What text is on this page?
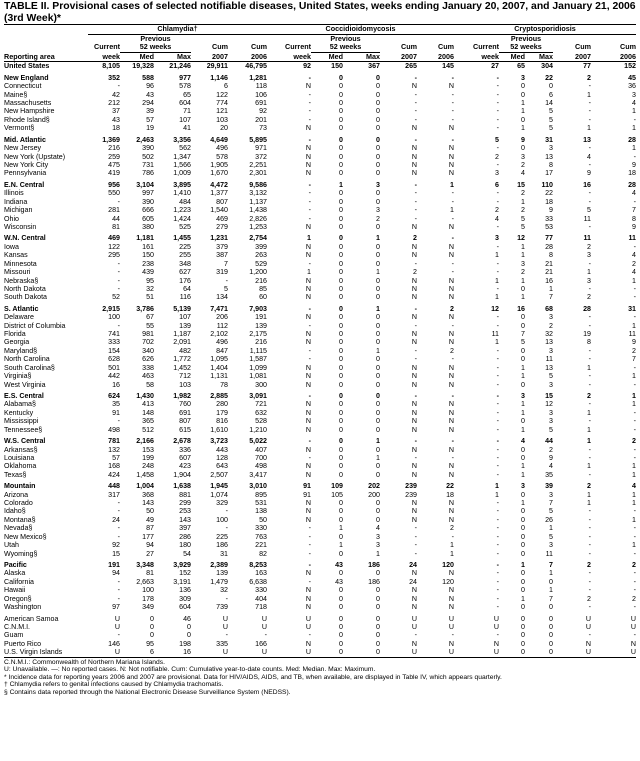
TABLE II. Provisional cases of selected notifiable diseases, United States, weeks ending January 20, 2007, and January 21, 2006
(3rd Week)*

	Chlamydia†					Coccidioidomycosis					Cryptosporidiosis				
		Previous					Previous					Previous			
	Current	52 weeks		Cum	Cum	Current	52 weeks		Cum	Cum	Current	52 weeks		Cum	Cum
Reporting area	week	Med	Max	2007	2006	week	Med	Max	2007	2006	week	Med	Max	2007	2006
United States	8,105	19,328	21,246	29,911	46,795	92	150	367	265	145	27	65	304	77	152

New England	352	588	977	1,146	1,281	-	0	0	-	-	-	3	22	2	45
Connecticut	-	96	578	6	118	N	0	0	N	N	-	0	0	-	36
Maine§	42	43	65	122	106	-	0	0	-	-	-	0	6	1	3
Massachusetts	212	294	604	774	691	-	0	0	-	-	-	1	14	-	4
New Hampshire	37	39	71	121	92	-	0	0	-	-	-	1	5	-	1
Rhode Island§	43	57	107	103	201	-	0	0	-	-	-	0	5	-	-
Vermont§	18	19	41	20	73	N	0	0	N	N	-	1	5	1	1

Mid. Atlantic	1,369	2,463	3,356	4,649	5,895	-	0	0	-	-	5	9	31	13	28
New Jersey	216	390	562	496	971	N	0	0	N	N	-	0	3	-	1
New York (Upstate)	259	502	1,347	578	372	N	0	0	N	N	2	3	13	4	-
New York City	475	731	1,566	1,905	2,251	N	0	0	N	N	-	2	8	-	9
Pennsylvania	419	786	1,009	1,670	2,301	N	0	0	N	N	3	4	17	9	18

E.N. Central	956	3,104	3,895	4,472	9,586	-	1	3	-	1	6	15	110	16	28
Illinois	550	997	1,410	1,377	3,132	-	0	0	-	-	-	2	22	-	4
Indiana	-	390	484	807	1,137	-	0	0	-	-	-	1	18	-	-
Michigan	281	666	1,223	1,540	1,438	-	0	3	-	1	2	2	9	5	7
Ohio	44	605	1,424	469	2,826	-	0	2	-	-	4	5	33	11	8
Wisconsin	81	380	525	279	1,253	N	0	0	N	N	-	5	53	-	9

W.N. Central	469	1,181	1,455	1,231	2,754	1	0	1	2	-	3	12	77	11	11
Iowa	122	161	225	379	399	N	0	0	N	N	-	1	28	2	-
Kansas	295	150	255	387	263	N	0	0	N	N	1	1	8	3	4
Minnesota	-	238	348	7	529	-	0	0	-	-	-	3	21	-	2
Missouri	-	439	627	319	1,200	1	0	1	2	-	-	2	21	1	4
Nebraska§	-	95	176	-	216	N	0	0	N	N	1	1	16	3	1
North Dakota	-	32	64	5	85	N	0	0	N	N	-	0	1	-	-
South Dakota	52	51	116	134	60	N	0	0	N	N	1	1	7	2	-

S. Atlantic	2,915	3,786	5,139	7,471	7,903	-	0	1	-	2	12	16	68	28	31
Delaware	100	67	107	206	191	N	0	0	N	N	-	0	3	-	-
District of Columbia	-	55	139	112	139	-	0	0	-	-	-	0	2	-	1
Florida	741	981	1,187	2,102	2,175	N	0	0	N	N	11	7	32	19	11
Georgia	333	702	2,091	496	216	N	0	0	N	N	1	5	13	8	9
Maryland§	154	340	482	847	1,115	-	0	1	-	2	-	0	3	-	2
North Carolina	628	626	1,772	1,095	1,587	-	0	0	-	-	-	0	11	-	7
South Carolina§	501	338	1,452	1,404	1,099	N	0	0	N	N	-	1	13	1	-
Virginia§	442	463	712	1,131	1,081	N	0	0	N	N	-	1	5	-	1
West Virginia	16	58	103	78	300	N	0	0	N	N	-	0	3	-	-

E.S. Central	624	1,430	1,982	2,885	3,091	-	0	0	-	-	-	3	15	2	1
Alabama§	35	413	760	280	721	N	0	0	N	N	-	1	12	-	1
Kentucky	91	148	691	179	632	N	0	0	N	N	-	1	3	1	-
Mississippi	-	365	807	816	528	N	0	0	N	N	-	0	3	-	-
Tennessee§	498	512	615	1,610	1,210	N	0	0	N	N	-	1	5	1	-

W.S. Central	781	2,166	2,678	3,723	5,022	-	0	1	-	-	-	4	44	1	2
Arkansas§	132	153	336	443	407	N	0	0	N	N	-	0	2	-	-
Louisiana	57	199	607	128	700	-	0	1	-	-	-	0	9	-	-
Oklahoma	168	248	423	643	498	N	0	0	N	N	-	1	4	1	1
Texas§	424	1,458	1,904	2,507	3,417	N	0	0	N	N	-	1	35	-	1

Mountain	448	1,004	1,638	1,945	3,010	91	109	202	239	22	1	3	39	2	4
Arizona	317	368	881	1,074	895	91	105	200	239	18	1	0	3	1	1
Colorado	-	143	299	329	531	N	0	0	N	N	-	1	7	1	1
Idaho§	-	50	253	-	138	N	0	0	N	N	-	0	5	-	-
Montana§	24	49	143	100	50	N	0	0	N	N	-	0	26	-	1
Nevada§	-	87	397	-	330	-	1	4	-	2	-	0	1	-	-
New Mexico§	-	177	286	225	763	-	0	3	-	-	-	0	5	-	-
Utah	92	94	180	186	221	-	1	3	-	1	-	0	3	-	1
Wyoming§	15	27	54	31	82	-	0	1	-	1	-	0	11	-	-

Pacific	191	3,348	3,929	2,389	8,253	-	43	186	24	120	-	1	7	2	2
Alaska	94	81	152	139	163	N	0	0	N	N	-	0	1	-	-
California	-	2,663	3,191	1,479	6,638	-	43	186	24	120	-	0	0	-	-
Hawaii	-	100	136	32	330	N	0	0	N	N	-	0	1	-	-
Oregon§	-	178	309	-	404	N	0	0	N	N	-	1	7	2	2
Washington	97	349	604	739	718	N	0	0	N	N	-	0	0	-	-

American Samoa	U	0	46	U	U	U	0	0	U	U	U	0	0	U	U
C.N.M.I.	U	0	0	U	U	U	0	0	U	U	U	0	0	U	U
Guam	-	0	0	-	-	-	0	0	-	-	-	0	0	-	-
Puerto Rico	146	95	198	335	166	N	0	0	N	N	N	0	0	N	N
U.S. Virgin Islands	U	6	16	U	U	U	0	0	U	U	U	0	0	U	U
C.N.M.I.: Commonwealth of Northern Mariana Islands.
U: Unavailable. —: No reported cases. N: Not notifiable. Cum: Cumulative year-to-date counts. Med: Median. Max: Maximum.
* Incidence data for reporting years 2006 and 2007 are provisional. Data for HIV/AIDS, AIDS, and TB, when available, are displayed in Table IV, which appears quarterly.
† Chlamydia refers to genital infections caused by Chlamydia trachomatis.
§ Contains data reported through the National Electronic Disease Surveillance System (NEDSS).
